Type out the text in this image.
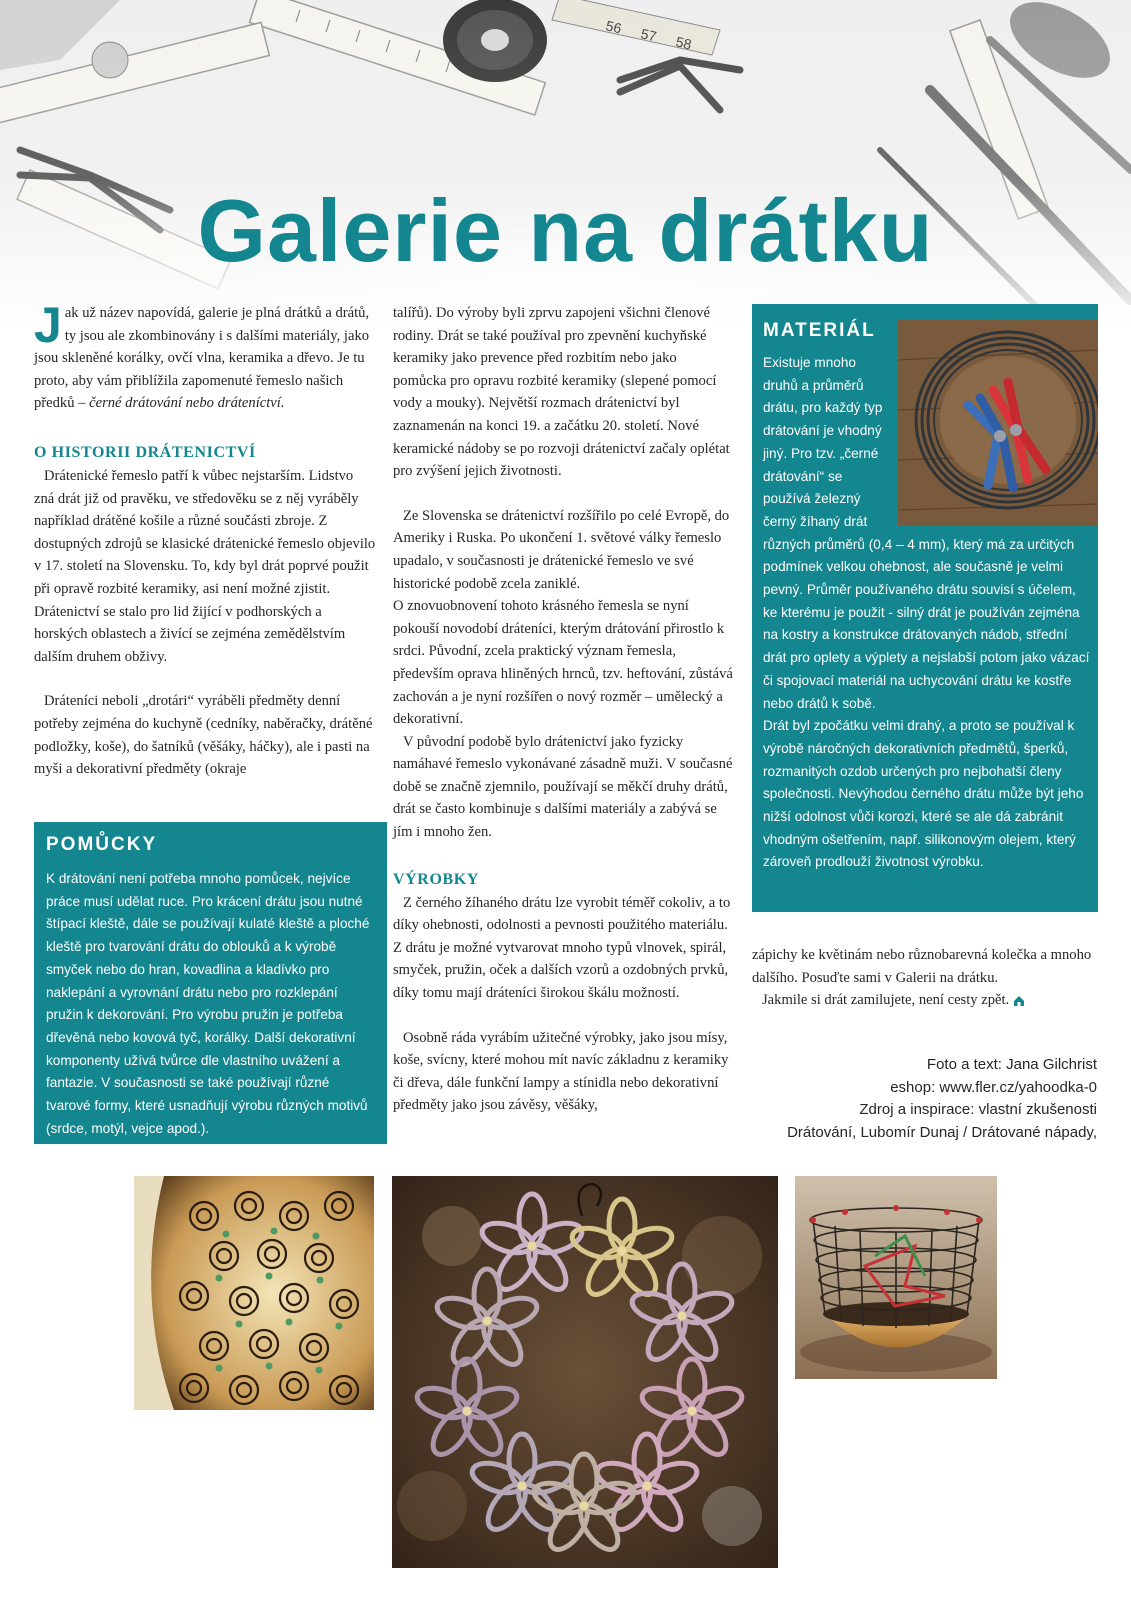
Galerie na drátku

Jak už název napovídá, galerie je plná drátků a drátů, ty jsou ale zkombinovány i s dalšími materiály, jako jsou skleněné korálky, ovčí vlna, keramika a dřevo. Je tu proto, aby vám přiblížila zapomenuté řemeslo našich předků – černé drátování nebo dráteníctví.

O HISTORII DRÁTENICTVÍ

Drátenické řemeslo patří k vůbec nejstarším. Lidstvo zná drát již od pravěku, ve středověku se z něj vyráběly například drátěné košile a různé součásti zbroje. Z dostupných zdrojů se klasické drátenické řemeslo objevilo v 17. století na Slovensku. To, kdy byl drát poprvé použit při opravě rozbité keramiky, asi není možné zjistit. Drátenictví se stalo pro lid žijící v podhorských a horských oblastech a živící se zejména zemědělstvím dalším druhem obživy.

Dráteníci neboli „drotári“ vyráběli předměty denní potřeby zejména do kuchyně (cedníky, naběračky, drátěné podložky, koše), do šatníků (věšáky, háčky), ale i pasti na myši a dekorativní předměty (okraje

POMŮCKY

K drátování není potřeba mnoho pomůcek, nejvíce práce musí udělat ruce. Pro krácení drátu jsou nutné štípací kleště, dále se používají kulaté kleště a ploché kleště pro tvarování drátu do oblouků a k výrobě smyček nebo do hran, kovadlina a kladívko pro naklepání a vyrovnání drátu nebo pro rozklepání pružin k dekorování. Pro výrobu pružin je potřeba dřevěná nebo kovová tyč, korálky. Další dekorativní komponenty užívá tvůrce dle vlastního uvážení a fantazie. V současnosti se také používají různé tvarové formy, které usnadňují výrobu různých motivů (srdce, motýl, vejce apod.).

talířů). Do výroby byli zprvu zapojeni všichni členové rodiny. Drát se také používal pro zpevnění kuchyňské keramiky jako prevence před rozbitím nebo jako pomůcka pro opravu rozbité keramiky (slepené pomocí vody a mouky). Největší rozmach drátenictví byl zaznamenán na konci 19. a začátku 20. století. Nové keramické nádoby se po rozvoji drátenictví začaly oplétat pro zvýšení jejich životnosti.

Ze Slovenska se drátenictví rozšířilo po celé Evropě, do Ameriky i Ruska. Po ukončení 1. světové války řemeslo upadalo, v současnosti je drátenické řemeslo ve své historické podobě zcela zaniklé.

O znovuobnovení tohoto krásného řemesla se nyní pokouší novodobí dráteníci, kterým drátování přirostlo k srdci. Původní, zcela praktický význam řemesla, především oprava hliněných hrnců, tzv. heftování, zůstává zachován a je nyní rozšířen o nový rozměr – umělecký a dekorativní.

V původní podobě bylo drátenictví jako fyzicky namáhavé řemeslo vykonávané zásadně muži. V současné době se značně zjemnilo, používají se měkčí druhy drátů, drát se často kombinuje s dalšími materiály a zabývá se jím i mnoho žen.

VÝROBKY

Z černého žíhaného drátu lze vyrobit téměř cokoliv, a to díky ohebnosti, odolnosti a pevnosti použitého materiálu. Z drátu je možné vytvarovat mnoho typů vlnovek, spirál, smyček, pružin, oček a dalších vzorů a ozdobných prvků, díky tomu mají dráteníci širokou škálu možností.

Osobně ráda vyrábím užitečné výrobky, jako jsou mísy, koše, svícny, které mohou mít navíc základnu z keramiky či dřeva, dále funkční lampy a stínidla nebo dekorativní předměty jako jsou závěsy, věšáky,

MATERIÁL

Existuje mnoho druhů a průměrů drátu, pro každý typ drátování je vhodný jiný. Pro tzv. „černé drátování“ se používá železný černý žíhaný drát různých průměrů (0,4 – 4 mm), který má za určitých podmínek velkou ohebnost, ale současně je velmi pevný. Průměr používaného drátu souvisí s účelem, ke kterému je použit - silný drát je používán zejména na kostry a konstrukce drátovaných nádob, střední drát pro oplety a výplety a nejslabší potom jako vázací či spojovací materiál na uchycování drátu ke kostře nebo drátů k sobě.

Drát byl zpočátku velmi drahý, a proto se používal k výrobě náročných dekorativních předmětů, šperků, rozmanitých ozdob určených pro nejbohatší členy společnosti. Nevýhodou černého drátu může být jeho nižší odolnost vůči korozi, které se ale dá zabránit vhodným ošetřením, např. silikonovým olejem, který zároveň prodlouží životnost výrobku.

zápichy ke květinám nebo různobarevná kolečka a mnoho dalšího. Posuďte sami v Galerii na drátku.

Jakmile si drát zamilujete, není cesty zpět.

Foto a text: Jana Gilchrist

eshop: www.fler.cz/yahoodka-0

Zdroj a inspirace: vlastní zkušenosti

Drátování, Lubomír Dunaj / Drátované nápady,
